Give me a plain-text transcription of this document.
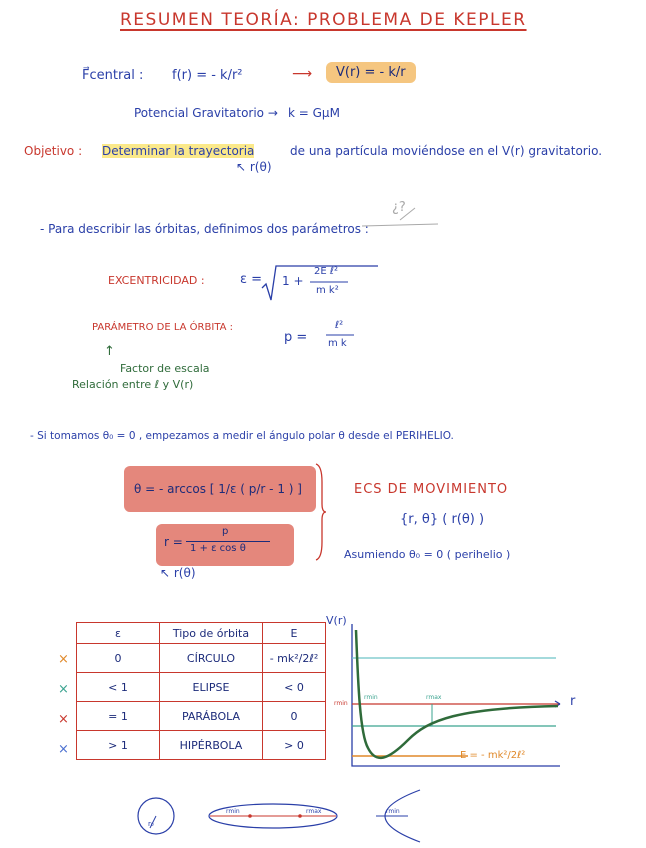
RESUMEN TEORÍA: PROBLEMA DE KEPLER
F⃗central : f(r) = - k/r²	⟶	V(r) = - k/r
Potencial Gravitatorio → k = GμM
Objetivo : Determinar la trayectoria	de una partícula moviéndose en el V(r) gravitatorio.
↖ r(θ)
- Para describir las órbitas, definimos dos parámetros :
¿?
EXCENTRICIDAD :	ε = 1 +
2E ℓ²
m k²
PARÁMETRO DE LA ÓRBITA :
p =
ℓ²
m k
↑
Factor de escala
Relación entre ℓ y V(r)
- Si tomamos θ₀ = 0 , empezamos a medir el ángulo polar θ desde el PERIHELIO.
θ = - arccos [ 1/ε ( p/r - 1 ) ]
r =
p
1 + ε cos θ
↖ r(θ)
ECS DE MOVIMIENTO
{r, θ} ( r(θ) )
Asumiendo θ₀ = 0 ( perihelio )
×
×
×
×
ε	Tipo de órbita	E
0	CÍRCULO	- mk²/2ℓ²
< 1	ELIPSE	< 0
= 1	PARÁBOLA	0
> 1	HIPÉRBOLA	> 0
V(r)
r
rmin
rmin	rmax
E = - mk²/2ℓ²
r₀
rmin	rmax	rmin
